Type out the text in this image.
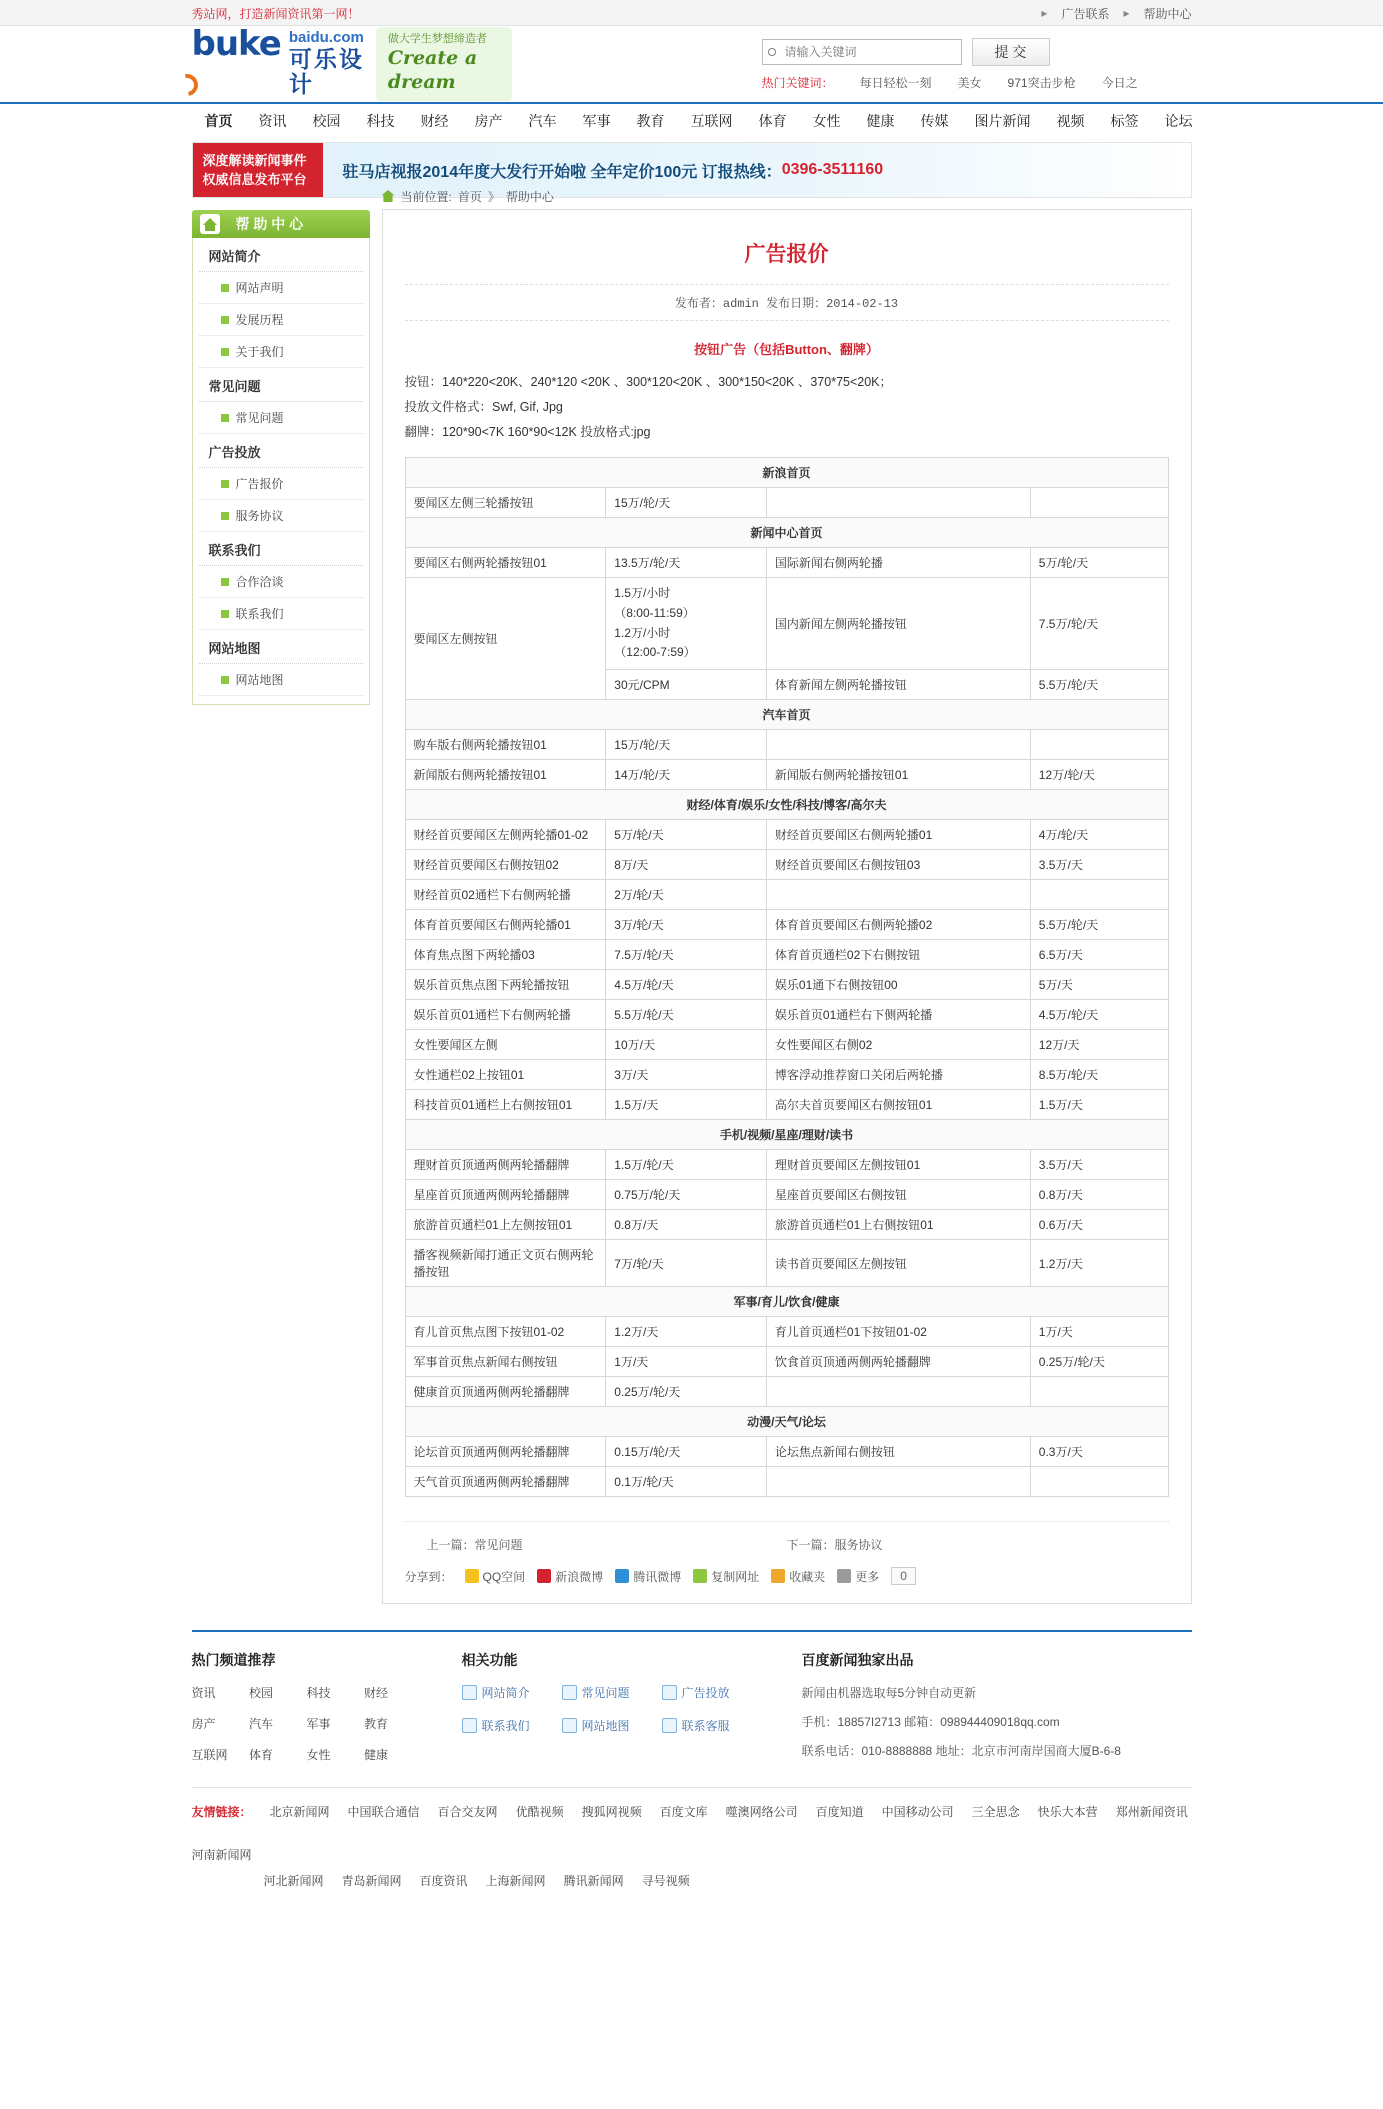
秀站网，打造新闻资讯第一网！	▸ 广告联系 ▸ 帮助中心
buke baidu.com
可乐设计
做大学生梦想缔造者
Create a dream
请输入关键词
提 交
热门关键词： 每日轻松一刻 美女 971突击步枪 今日之
首页	资讯	校园	科技	财经	房产	汽车	军事	教育	互联网	体育	女性	健康	传媒	图片新闻	视频	标签	论坛
深度解读新闻事件
权威信息发布平台	驻马店视报2014年度大发行开始啦 全年定价100元 订报热线： 0396-3511160
帮 助 中 心
网站简介
网站声明
发展历程
关于我们
常见问题
常见问题
广告投放
广告报价
服务协议
联系我们
合作洽谈
联系我们
网站地图
网站地图
当前位置: 首页 》 帮助中心
广告报价
发布者：admin 发布日期：2014-02-13
按钮广告（包括Button、翻牌）
按钮：140*220<20K、240*120 <20K 、300*120<20K 、300*150<20K 、370*75<20K；
投放文件格式：Swf, Gif, Jpg
翻牌：120*90<7K 160*90<12K 投放格式:jpg
新浪首页			
要闻区左侧三轮播按钮	15万/轮/天		
新闻中心首页			
要闻区右侧两轮播按钮01	13.5万/轮/天	国际新闻右侧两轮播	5万/轮/天
要闻区左侧按钮	1.5万/小时
（8:00-11:59）
1.2万/小时
（12:00-7:59）	国内新闻左侧两轮播按钮	7.5万/轮/天
	30元/CPM	体育新闻左侧两轮播按钮	5.5万/轮/天
汽车首页			
购车版右侧两轮播按钮01	15万/轮/天		
新闻版右侧两轮播按钮01	14万/轮/天	新闻版右侧两轮播按钮01	12万/轮/天
财经/体育/娱乐/女性/科技/博客/高尔夫			
财经首页要闻区左侧两轮播01-02	5万/轮/天	财经首页要闻区右侧两轮播01	4万/轮/天
财经首页要闻区右侧按钮02	8万/天	财经首页要闻区右侧按钮03	3.5万/天
财经首页02通栏下右侧两轮播	2万/轮/天		
体育首页要闻区右侧两轮播01	3万/轮/天	体育首页要闻区右侧两轮播02	5.5万/轮/天
体育焦点图下两轮播03	7.5万/轮/天	体育首页通栏02下右侧按钮	6.5万/天
娱乐首页焦点图下两轮播按钮	4.5万/轮/天	娱乐01通下右侧按钮00	5万/天
娱乐首页01通栏下右侧两轮播	5.5万/轮/天	娱乐首页01通栏右下侧两轮播	4.5万/轮/天
女性要闻区左侧	10万/天	女性要闻区右侧02	12万/天
女性通栏02上按钮01	3万/天	博客浮动推荐窗口关闭后两轮播	8.5万/轮/天
科技首页01通栏上右侧按钮01	1.5万/天	高尔夫首页要闻区右侧按钮01	1.5万/天
手机/视频/星座/理财/读书			
理财首页顶通两侧两轮播翻牌	1.5万/轮/天	理财首页要闻区左侧按钮01	3.5万/天
星座首页顶通两侧两轮播翻牌	0.75万/轮/天	星座首页要闻区右侧按钮	0.8万/天
旅游首页通栏01上左侧按钮01	0.8万/天	旅游首页通栏01上右侧按钮01	0.6万/天
播客视频新闻打通正文页右侧两轮播按钮	7万/轮/天	读书首页要闻区左侧按钮	1.2万/天
军事/育儿/饮食/健康			
育儿首页焦点图下按钮01-02	1.2万/天	育儿首页通栏01下按钮01-02	1万/天
军事首页焦点新闻右侧按钮	1万/天	饮食首页顶通两侧两轮播翻牌	0.25万/轮/天
健康首页顶通两侧两轮播翻牌	0.25万/轮/天		
动漫/天气/论坛			
论坛首页顶通两侧两轮播翻牌	0.15万/轮/天	论坛焦点新闻右侧按钮	0.3万/天
天气首页顶通两侧两轮播翻牌	0.1万/轮/天		
上一篇：常见问题	下一篇：服务协议
分享到：	QQ空间	新浪微博	腾讯微博	复制网址	收藏夹	更多	0
热门频道推荐
资讯	校园	科技	财经
房产	汽车	军事	教育
互联网	体育	女性	健康
相关功能
网站简介	常见问题	广告投放
联系我们	网站地图	联系客服
百度新闻独家出品

新闻由机器选取每5分钟自动更新

手机：18857I2713 邮箱：098944409018qq.com

联系电话：010-8888888 地址：北京市河南岸国商大厦B-6-8

友情链接： 北京新闻网 中国联合通信 百合交友网 优酷视频 搜狐网视频 百度文库 噬澳网络公司 百度知道 中国移动公司 三全思念 快乐大本营 郑州新闻资讯
河南新闻网
河北新闻网 青岛新闻网 百度资讯 上海新闻网 腾讯新闻网 寻号视频
